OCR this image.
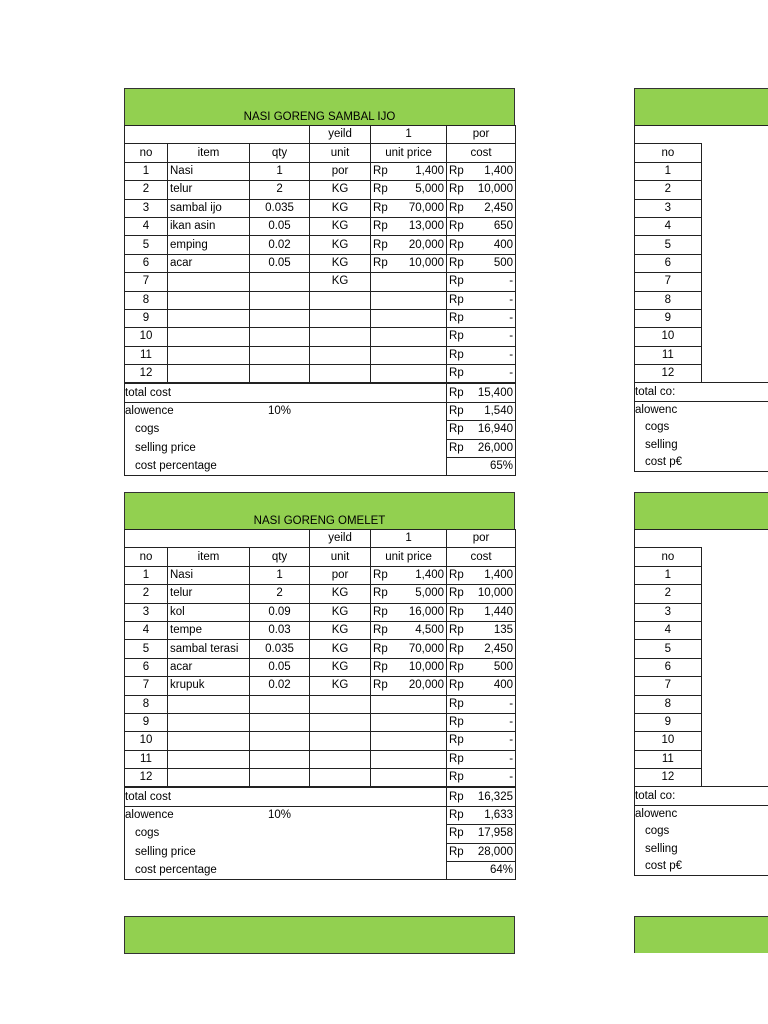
NASI GORENG SAMBAL IJO
			yeild	1	por
no	item	qty	unit	unit price	cost
1	Nasi	1	por	Rp 1,400	Rp 1,400

2	telur	2	KG	Rp 5,000	Rp 10,000

3	sambal ijo	0.035	KG	Rp 70,000	Rp 2,450

4	ikan asin	0.05	KG	Rp 13,000	Rp 650

5	emping	0.02	KG	Rp 20,000	Rp 400

6	acar	0.05	KG	Rp 10,000	Rp 500

7			KG		Rp -

8					Rp -

9					Rp -

10					Rp -

11					Rp -

12					Rp -
total cost			Rp 15,400

alowence	10%		Rp 1,540

cogs			Rp 16,940

selling price			Rp 26,000

cost percentage			65%
NASI GORENG OMELET
			yeild	1	por
no	item	qty	unit	unit price	cost
1	Nasi	1	por	Rp 1,400	Rp 1,400

2	telur	2	KG	Rp 5,000	Rp 10,000

3	kol	0.09	KG	Rp 16,000	Rp 1,440

4	tempe	0.03	KG	Rp 4,500	Rp 135

5	sambal terasi	0.035	KG	Rp 70,000	Rp 2,450

6	acar	0.05	KG	Rp 10,000	Rp 500

7	krupuk	0.02	KG	Rp 20,000	Rp 400

8					Rp -

9					Rp -

10					Rp -

11					Rp -

12					Rp -
total cost			Rp 16,325

alowence	10%		Rp 1,633

cogs			Rp 17,958

selling price			Rp 28,000

cost percentage			64%

no	
1	
2	
3	
4	
5	
6	
7	
8	
9	
10	
11	
12	
total co:	
alowenc	
cogs	
selling	
cost p€	

no	
1	
2	
3	
4	
5	
6	
7	
8	
9	
10	
11	
12	
total co:	
alowenc	
cogs	
selling	
cost p€	
